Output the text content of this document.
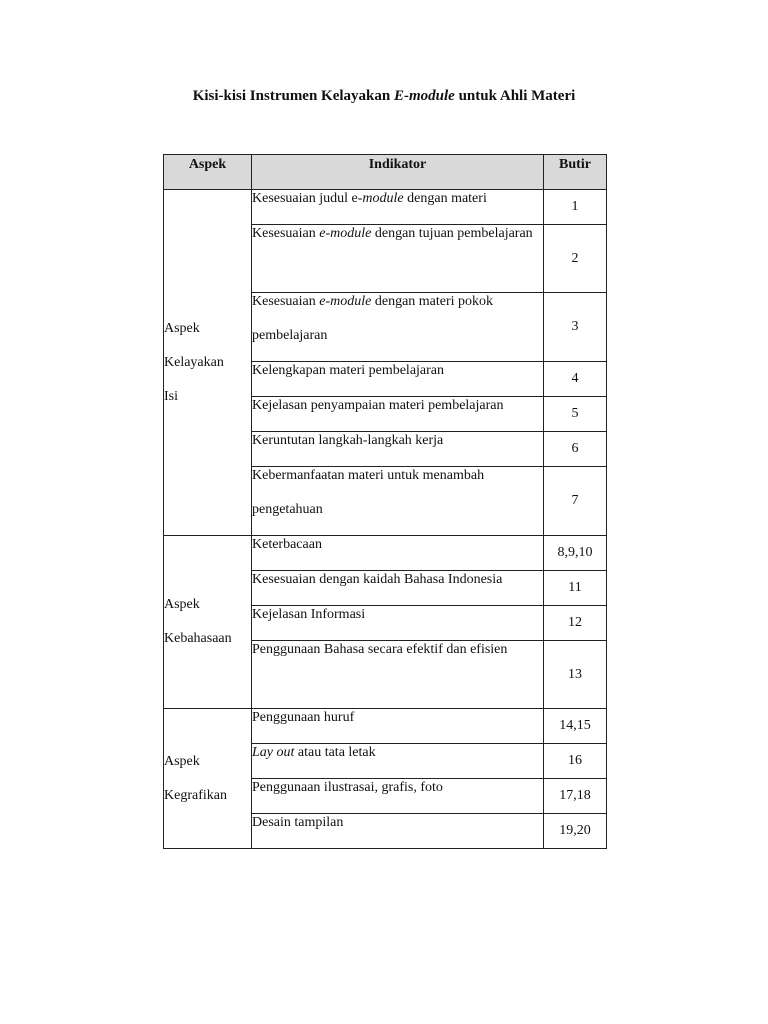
Kisi-kisi Instrumen Kelayakan E-module untuk Ahli Materi
Aspek	Indikator	Butir

Aspek
Kelayakan
Isi	Kesesuaian judul e-module dengan materi	1

	Kesesuaian e-module dengan tujuan pembelajaran	2

	Kesesuaian e-module dengan materi pokok pembelajaran	3

	Kelengkapan materi pembelajaran	4

	Kejelasan penyampaian materi pembelajaran	5

	Keruntutan langkah-langkah kerja	6

	Kebermanfaatan materi untuk menambah pengetahuan	7

Aspek
Kebahasaan	Keterbacaan	8,9,10

	Kesesuaian dengan kaidah Bahasa Indonesia	11

	Kejelasan Informasi	12

	Penggunaan Bahasa secara efektif dan efisien	13

Aspek
Kegrafikan	Penggunaan huruf	14,15

	Lay out atau tata letak	16

	Penggunaan ilustrasai, grafis, foto	17,18

	Desain tampilan	19,20
